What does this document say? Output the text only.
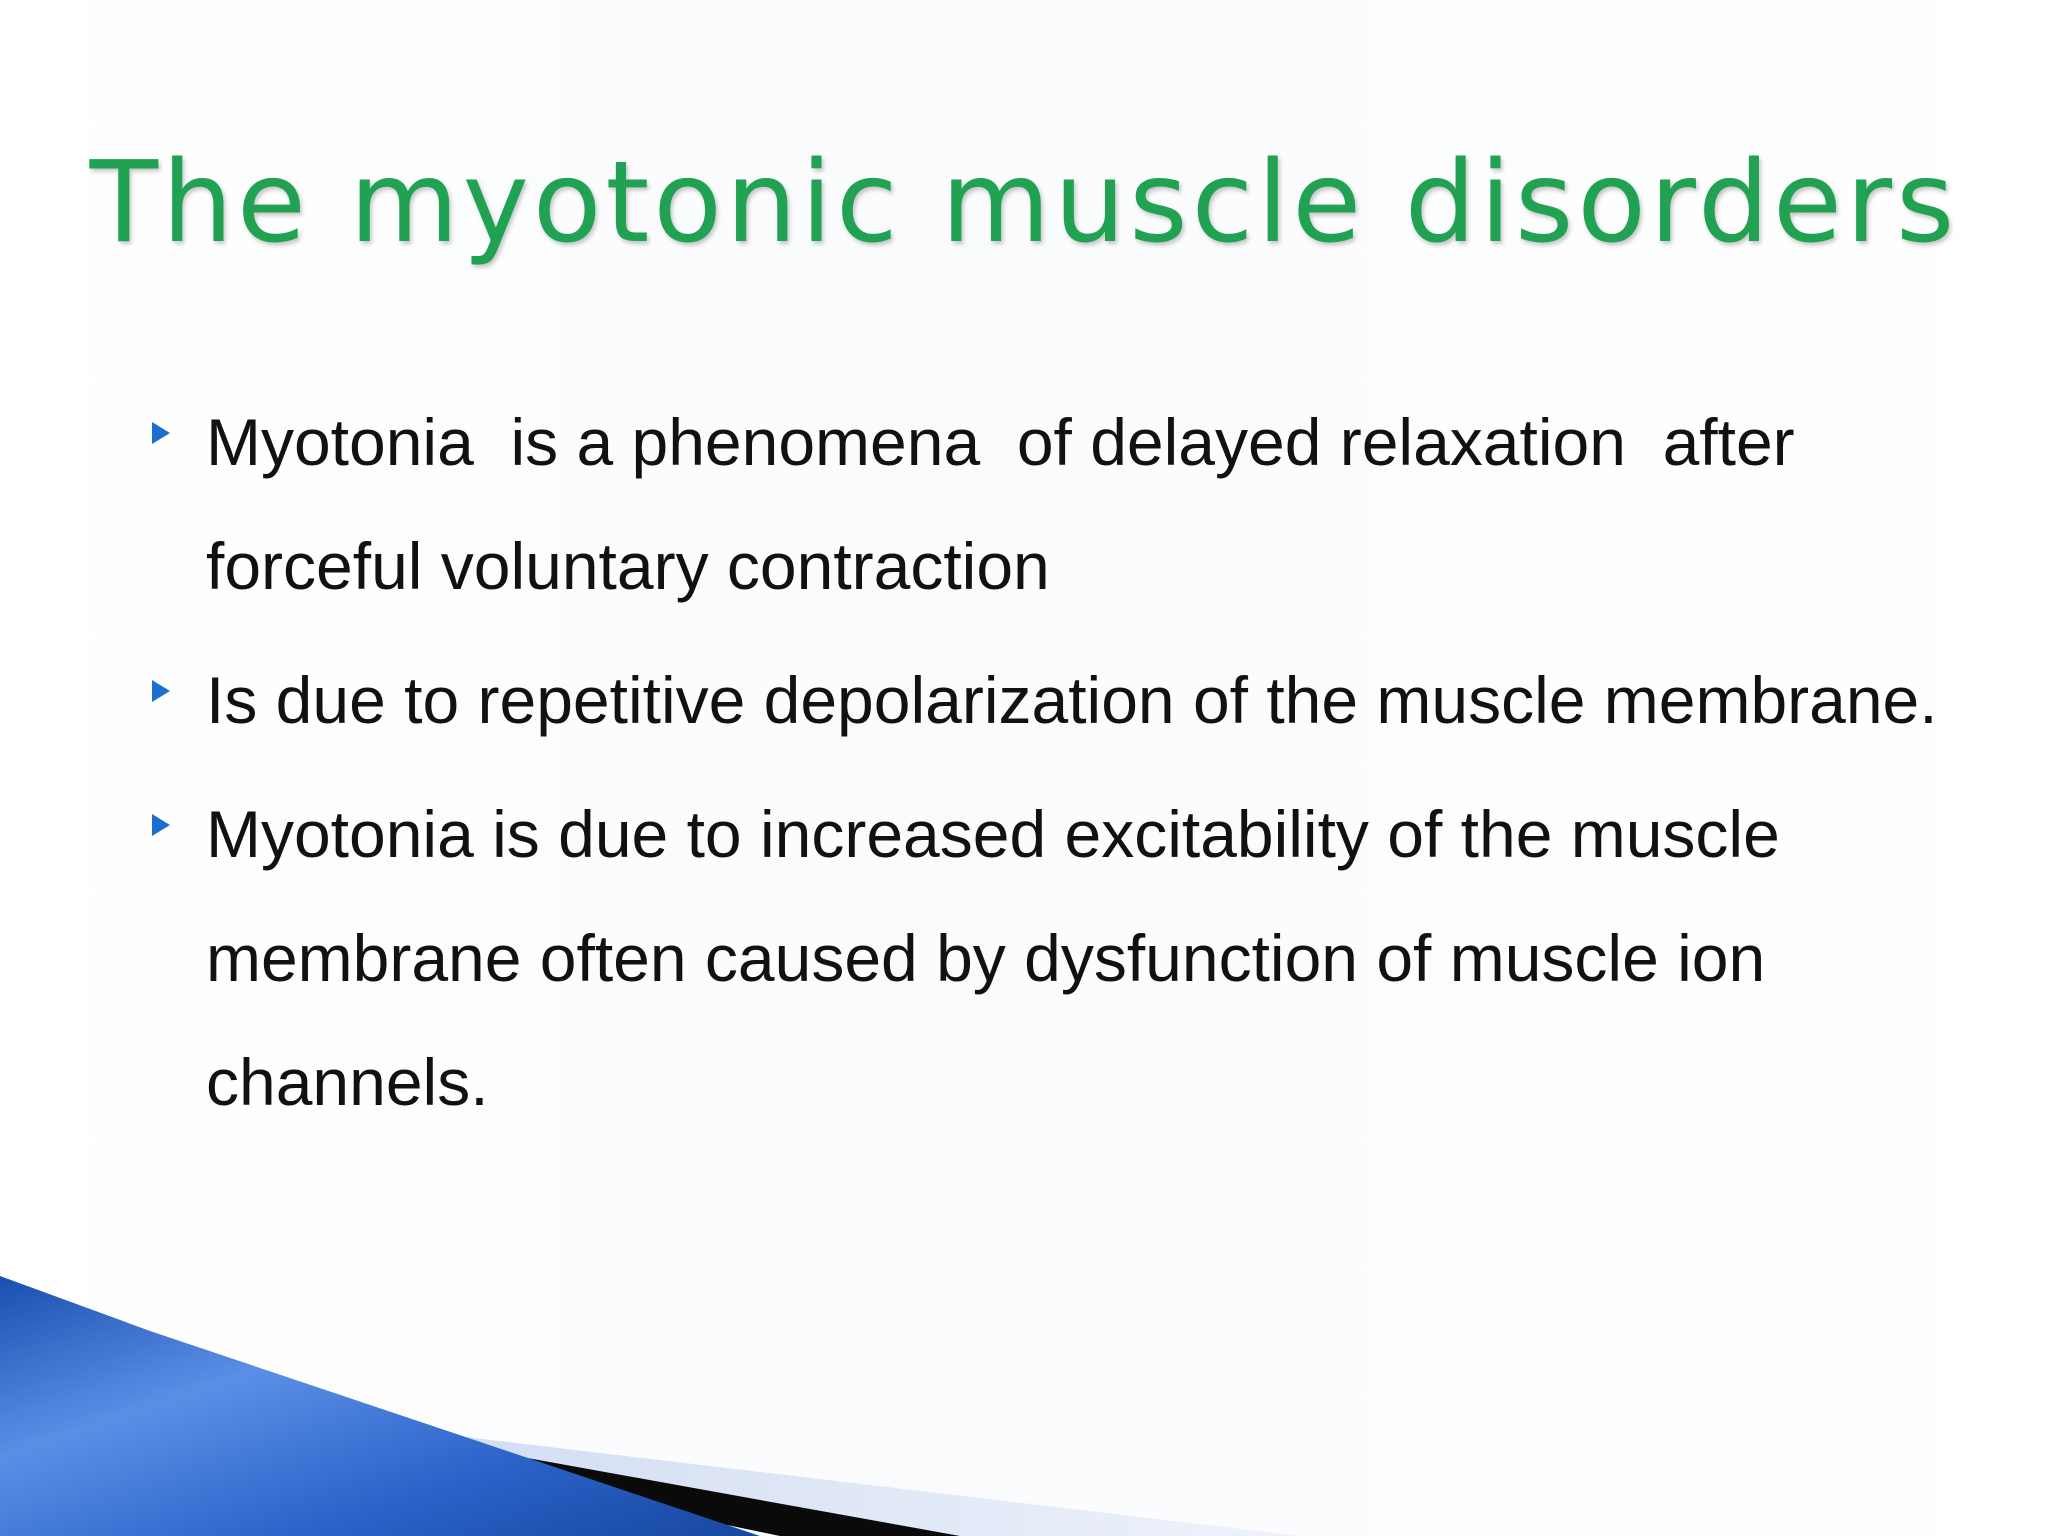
The myotonic muscle disorders
Myotonia  is a phenomena  of delayed relaxation  after forceful voluntary contraction
Is due to repetitive depolarization of the muscle membrane.
Myotonia is due to increased excitability of the muscle membrane often caused by dysfunction of muscle ion channels.
